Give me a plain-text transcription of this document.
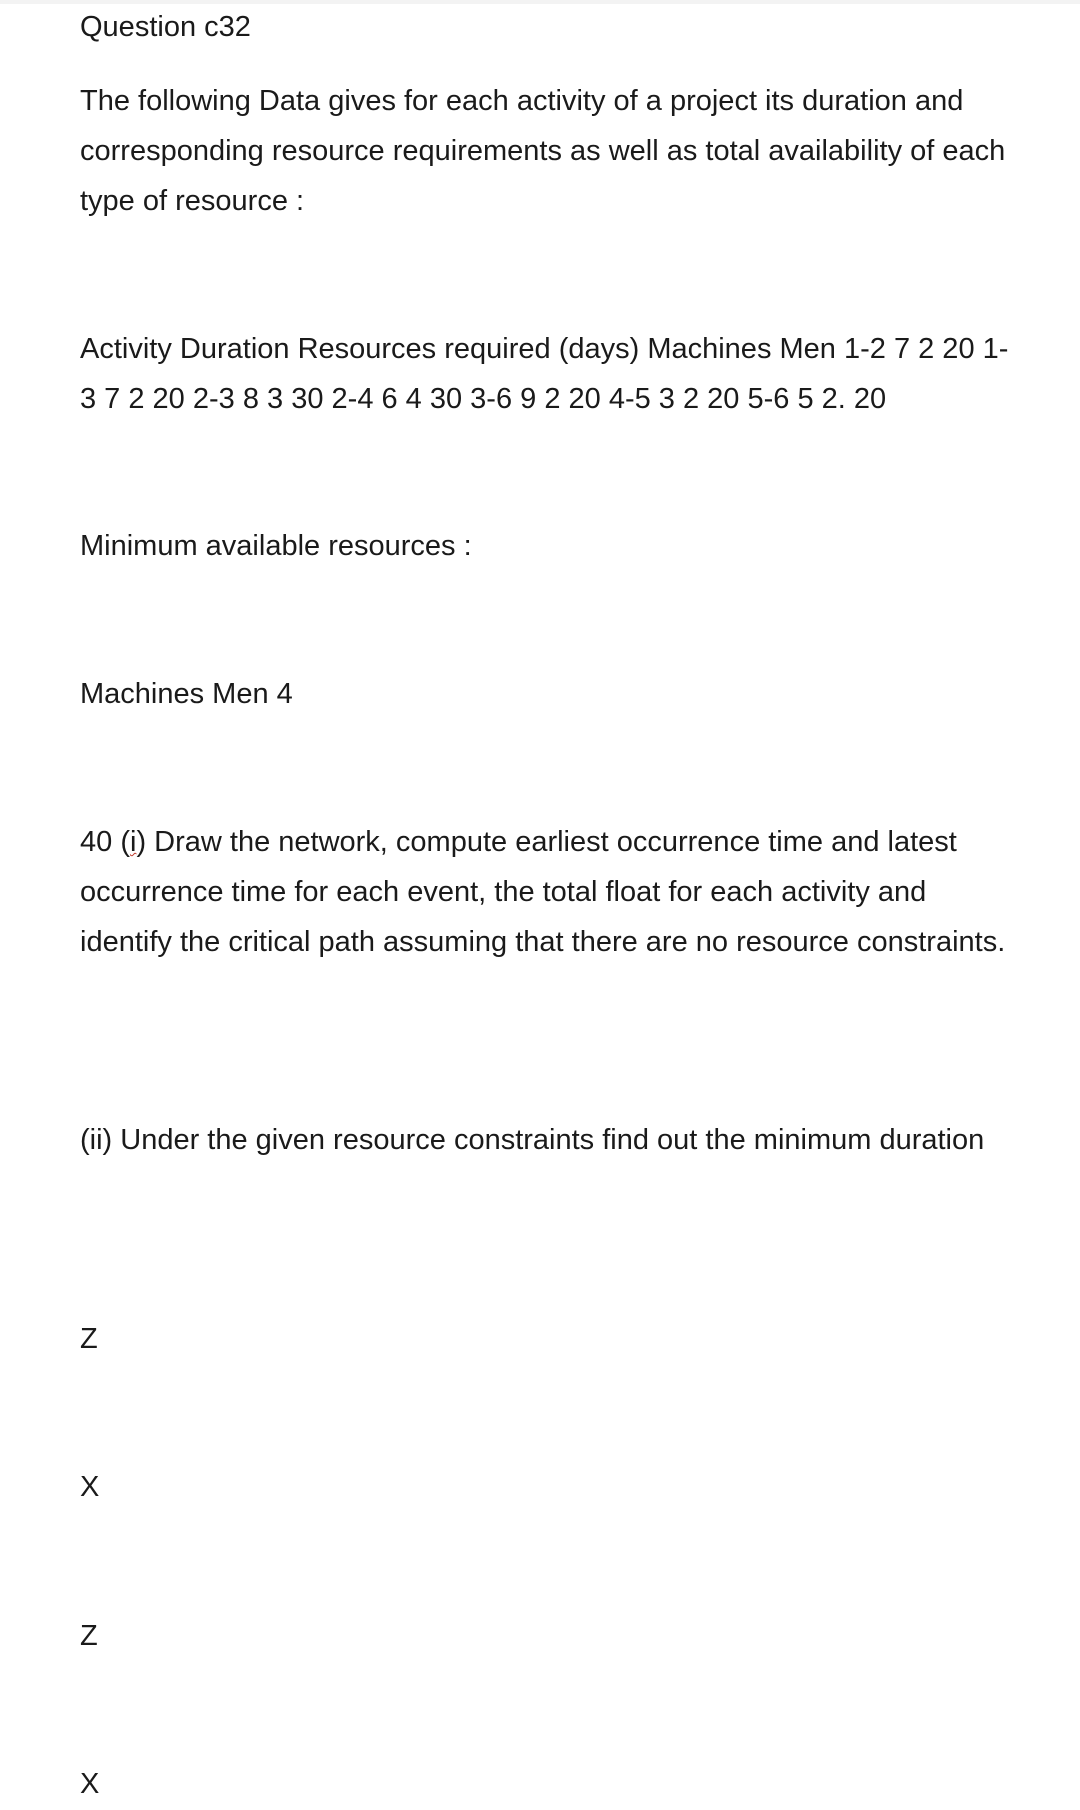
Question c32

The following Data gives for each activity of a project its duration and corresponding resource requirements as well as total availability of each type of resource :

Activity Duration Resources required (days) Machines Men 1-2 7 2 20 1-3 7 2 20 2-3 8 3 30 2-4 6 4 30 3-6 9 2 20 4-5 3 2 20 5-6 5 2. 20

Minimum available resources :

Machines Men 4

40 (i) Draw the network, compute earliest occurrence time and latest occurrence time for each event, the total float for each activity and identify the critical path assuming that there are no resource constraints.

(ii) Under the given resource constraints find out the minimum duration

Z

X

Z

X
